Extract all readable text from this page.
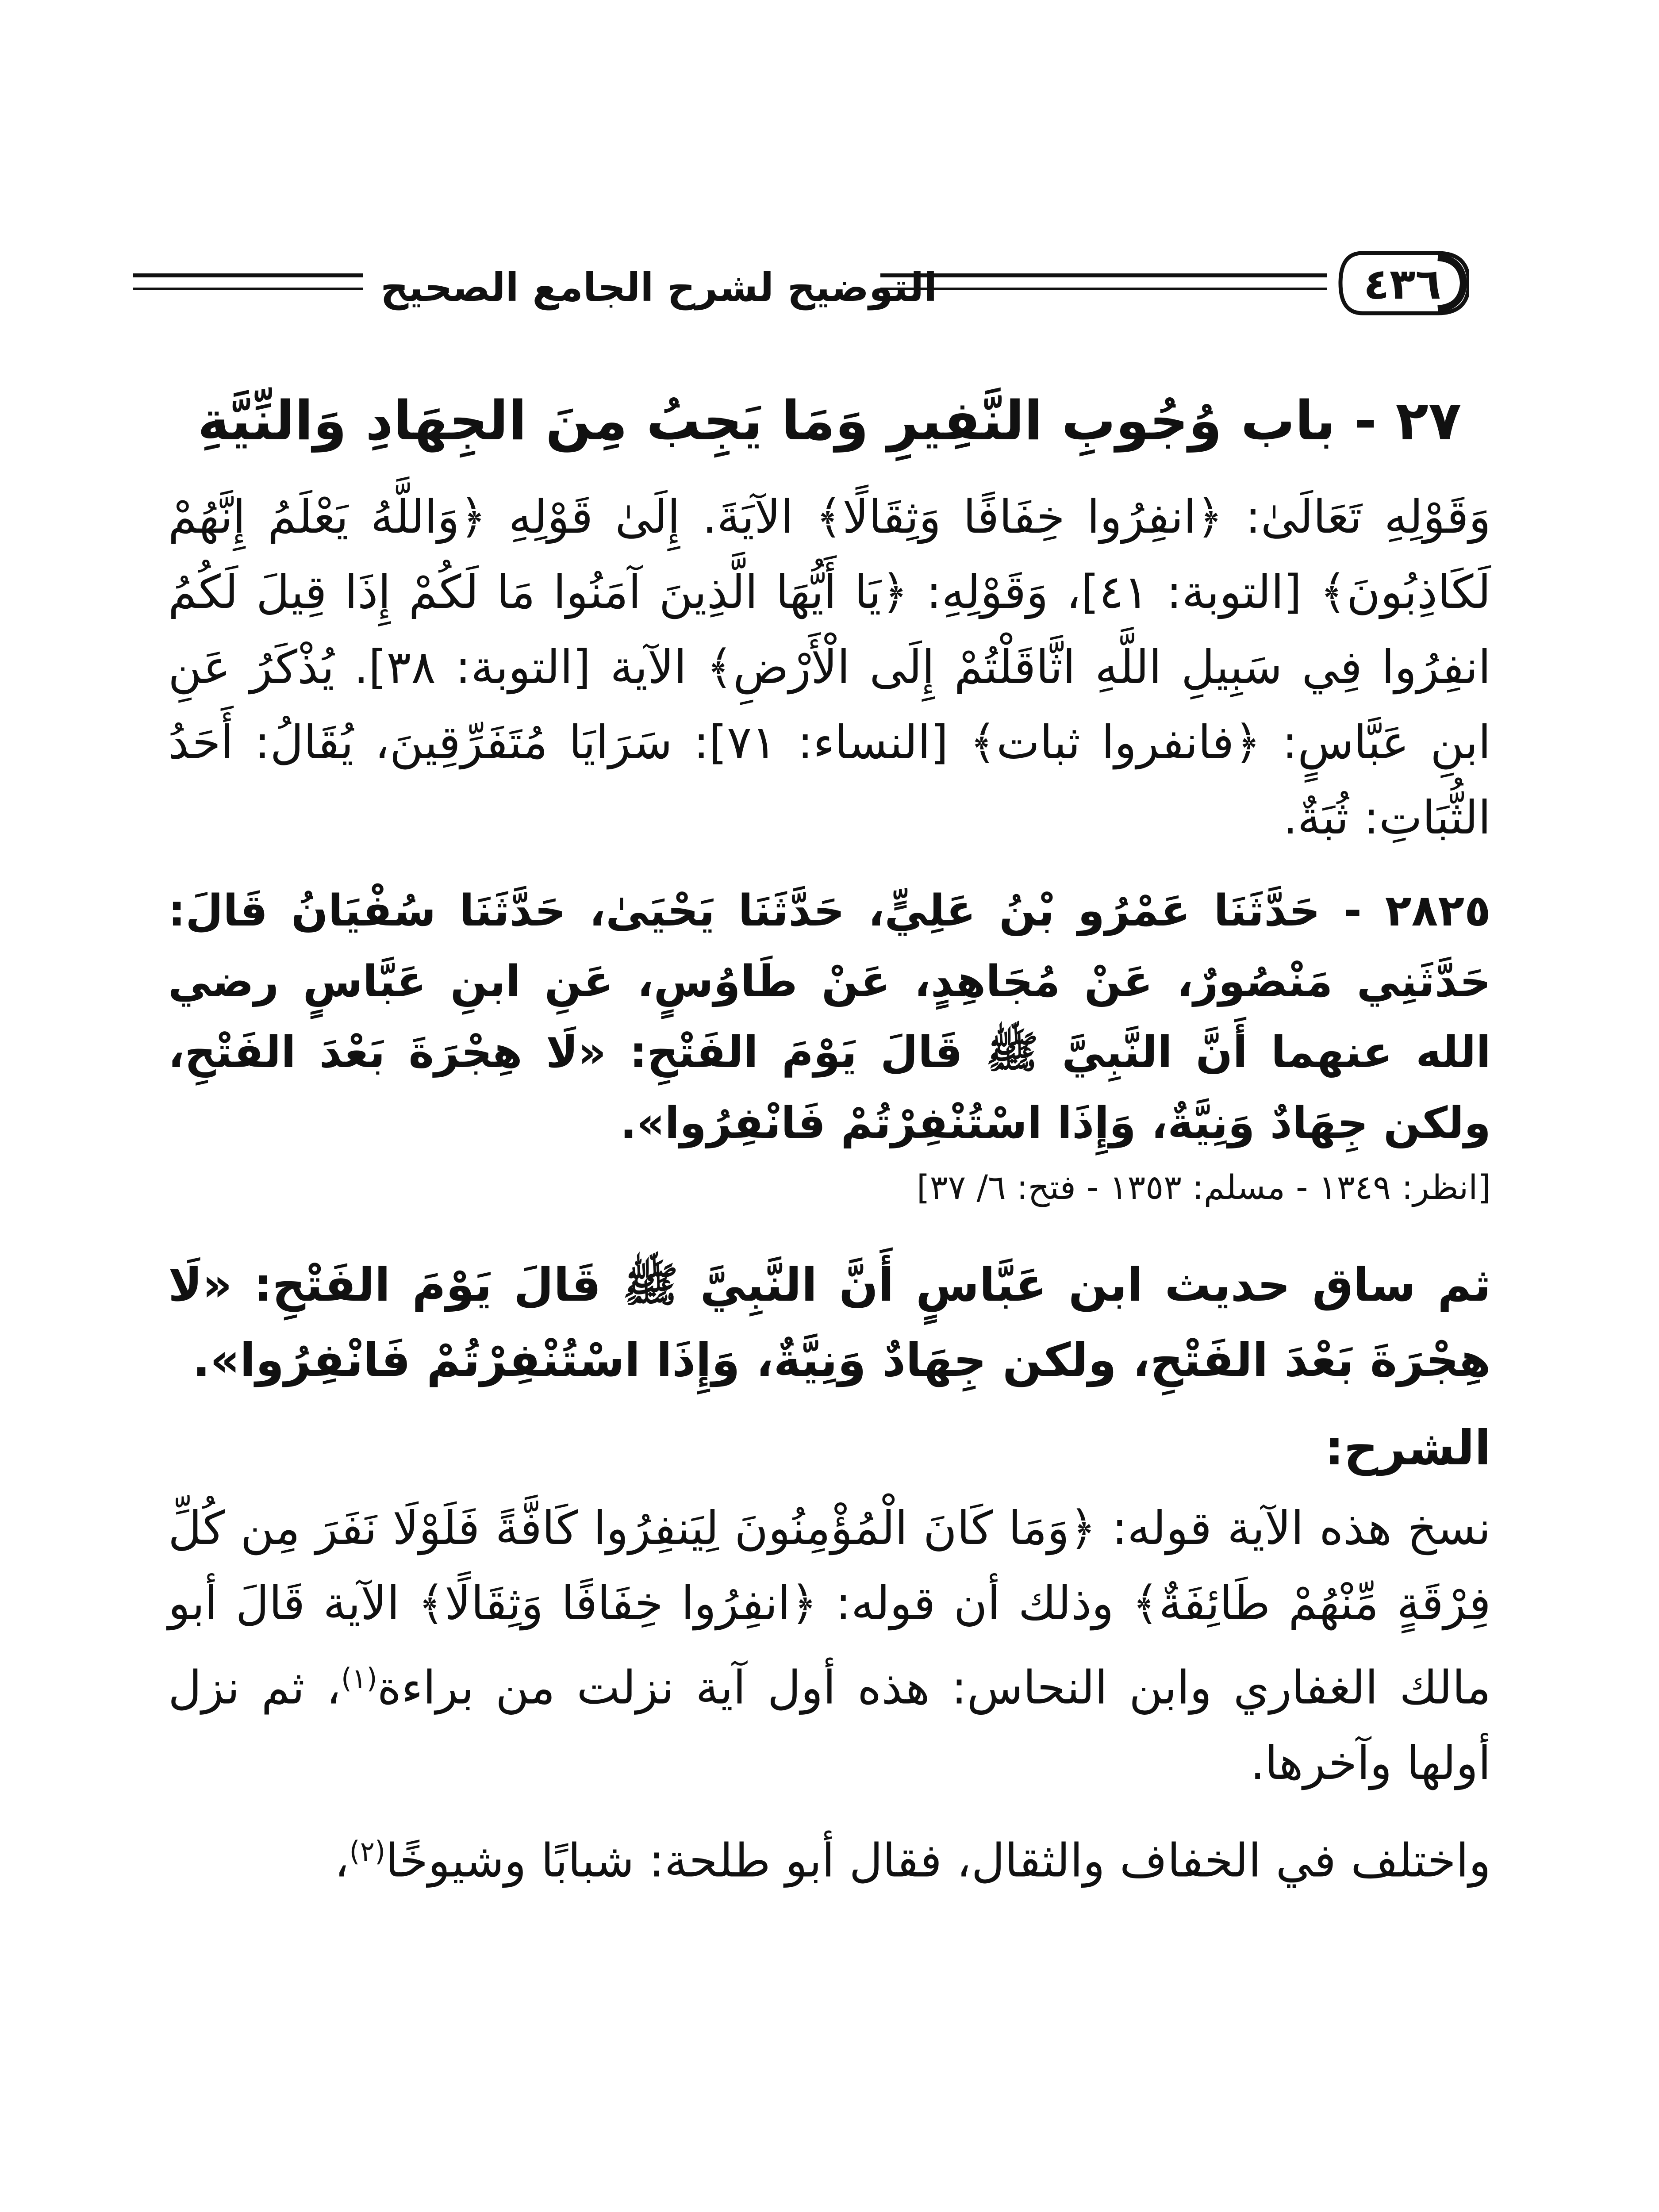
التوضيح لشرح الجامع الصحيح	٤٣٦
٢٧ - باب وُجُوبِ النَّفِيرِ وَمَا يَجِبُ مِنَ الجِهَادِ وَالنِّيَّةِ

وَقَوْلِهِ تَعَالَىٰ: ﴿انفِرُوا خِفَافًا وَثِقَالًا﴾ الآيَةَ. إِلَىٰ قَوْلِهِ ﴿وَاللَّهُ يَعْلَمُ إِنَّهُمْ لَكَاذِبُونَ﴾ [التوبة: ٤١]، وَقَوْلِهِ: ﴿يَا أَيُّهَا الَّذِينَ آمَنُوا مَا لَكُمْ إِذَا قِيلَ لَكُمُ انفِرُوا فِي سَبِيلِ اللَّهِ اثَّاقَلْتُمْ إِلَى الْأَرْضِ﴾ الآية [التوبة: ٣٨]. يُذْكَرُ عَنِ ابنِ عَبَّاسٍ: ﴿فانفروا ثبات﴾ [النساء: ٧١]: سَرَايَا مُتَفَرِّقِينَ، يُقَالُ: أَحَدُ الثُّبَاتِ: ثُبَةٌ.

٢٨٢٥ - حَدَّثَنَا عَمْرُو بْنُ عَلِيٍّ، حَدَّثَنَا يَحْيَىٰ، حَدَّثَنَا سُفْيَانُ قَالَ: حَدَّثَنِي مَنْصُورٌ، عَنْ مُجَاهِدٍ، عَنْ طَاوُسٍ، عَنِ ابنِ عَبَّاسٍ رضي الله عنهما أَنَّ النَّبِيَّ ﷺ قَالَ يَوْمَ الفَتْحِ: «لَا هِجْرَةَ بَعْدَ الفَتْحِ، ولكن جِهَادٌ وَنِيَّةٌ، وَإِذَا اسْتُنْفِرْتُمْ فَانْفِرُوا».

[انظر: ١٣٤٩ - مسلم: ١٣٥٣ - فتح: ٦/ ٣٧]

ثم ساق حديث ابن عَبَّاسٍ أَنَّ النَّبِيَّ ﷺ قَالَ يَوْمَ الفَتْحِ: «لَا هِجْرَةَ بَعْدَ الفَتْحِ، ولكن جِهَادٌ وَنِيَّةٌ، وَإِذَا اسْتُنْفِرْتُمْ فَانْفِرُوا».

الشرح:

نسخ هذه الآية قوله: ﴿وَمَا كَانَ الْمُؤْمِنُونَ لِيَنفِرُوا كَافَّةً فَلَوْلَا نَفَرَ مِن كُلِّ فِرْقَةٍ مِّنْهُمْ طَائِفَةٌ﴾ وذلك أن قوله: ﴿انفِرُوا خِفَافًا وَثِقَالًا﴾ الآية قَالَ أبو مالك الغفاري وابن النحاس: هذه أول آية نزلت من براءة$^{(١)}$، ثم نزل أولها وآخرها.

واختلف في الخفاف والثقال، فقال أبو طلحة: شبابًا وشيوخًا$^{(٢)}$،
